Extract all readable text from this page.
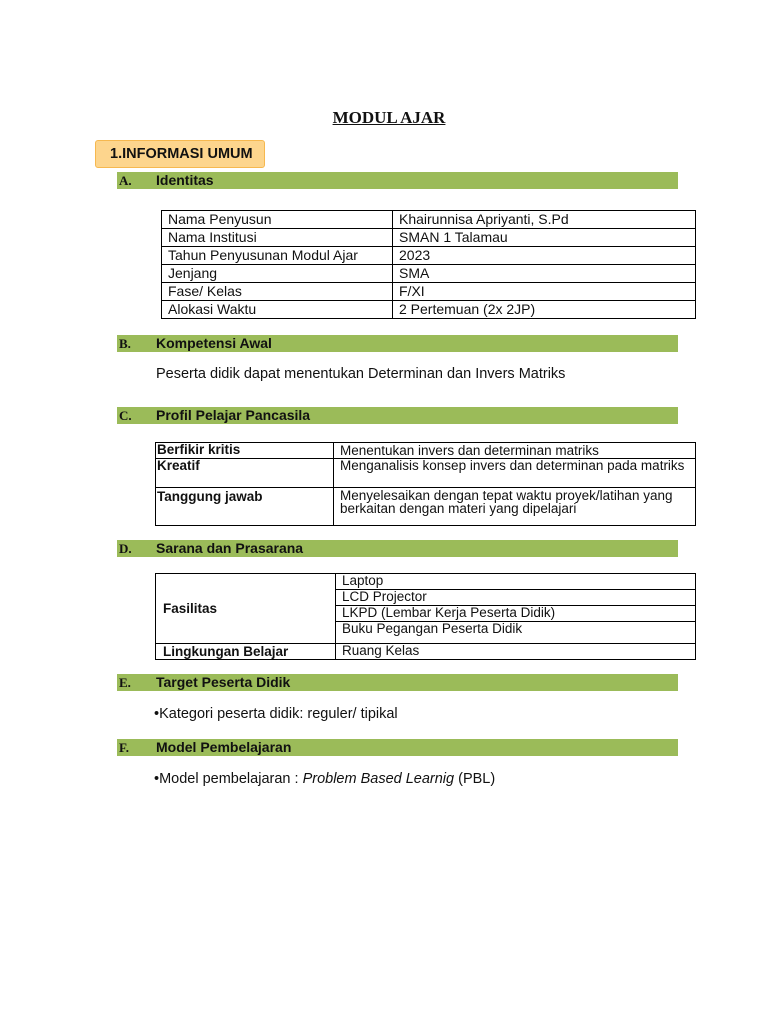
MODUL AJAR
1.INFORMASI UMUM
A. Identitas
Nama Penyusun	Khairunnisa Apriyanti, S.Pd
Nama Institusi	SMAN 1 Talamau
Tahun Penyusunan Modul Ajar	2023
Jenjang	SMA
Fase/ Kelas	F/XI
Alokasi Waktu	2 Pertemuan (2x 2JP)
B. Kompetensi Awal
Peserta didik dapat menentukan Determinan dan Invers Matriks
C. Profil Pelajar Pancasila
Berfikir kritis	Menentukan invers dan determinan matriks
Kreatif	Menganalisis konsep invers dan determinan pada matriks
Tanggung jawab	Menyelesaikan dengan tepat waktu proyek/latihan yang berkaitan dengan materi yang dipelajari
D. Sarana dan Prasarana
Fasilitas	Laptop
	LCD Projector
	LKPD (Lembar Kerja Peserta Didik)
	Buku Pegangan Peserta Didik
Lingkungan Belajar	Ruang Kelas
E. Target Peserta Didik
•Kategori peserta didik: reguler/ tipikal
F. Model Pembelajaran
•Model pembelajaran : Problem Based Learnig (PBL)
